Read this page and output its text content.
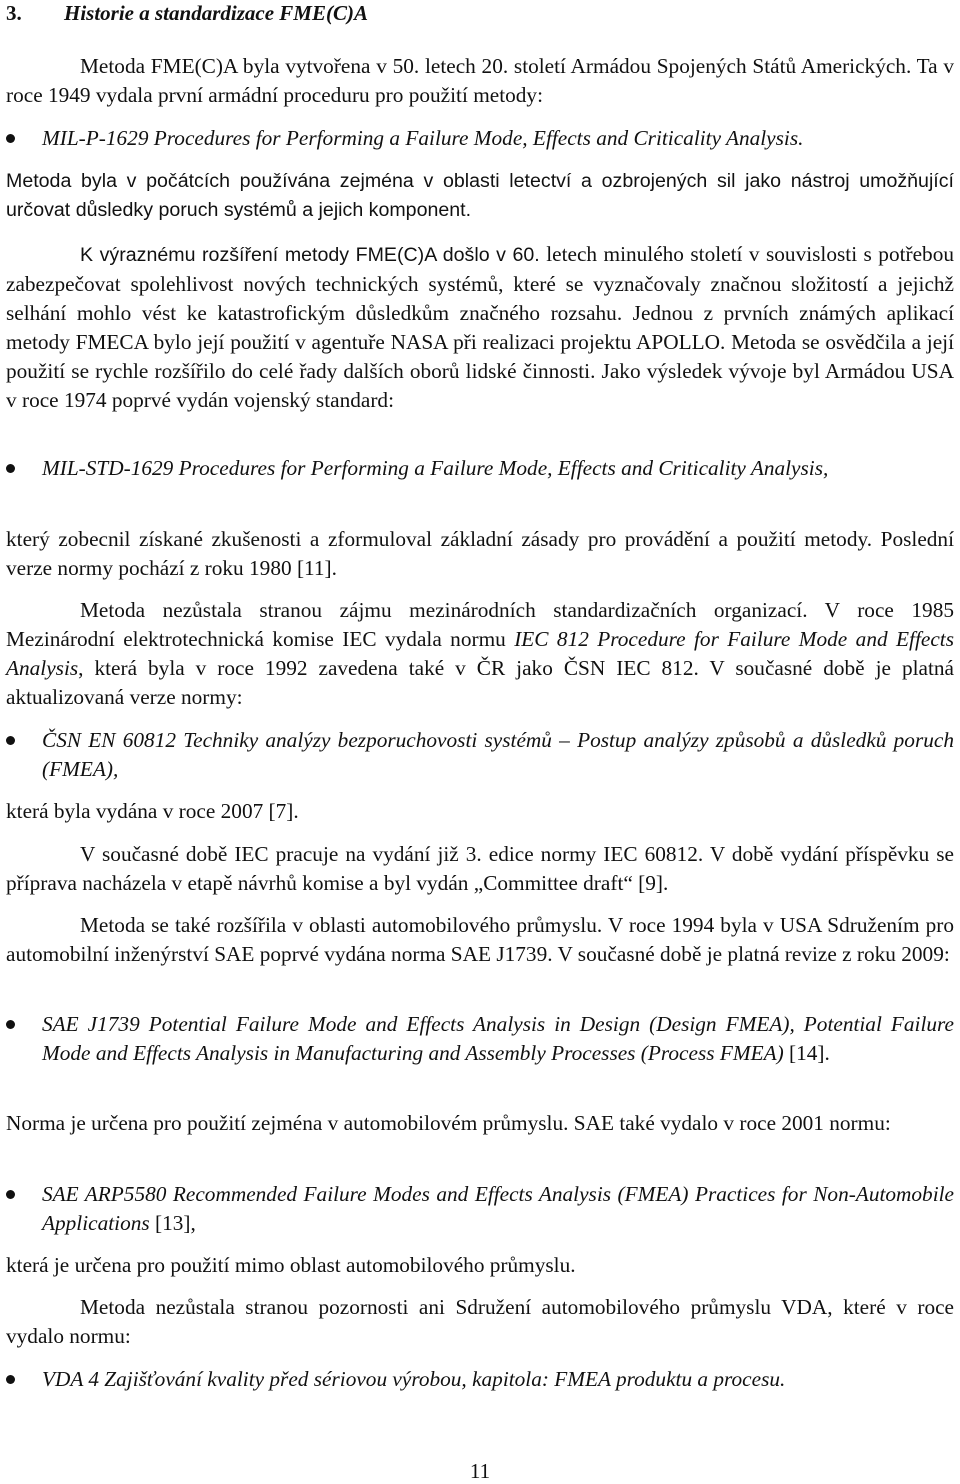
3. Historie a standardizace FME(C)A

Metoda FME(C)A byla vytvořena v 50. letech 20. století Armádou Spojených Států Amerických. Ta v roce 1949 vydala první armádní proceduru pro použití metody:

MIL-P-1629 Procedures for Performing a Failure Mode, Effects and Criticality Analysis.

Metoda byla v počátcích používána zejména v oblasti letectví a ozbrojených sil jako nástroj umožňující určovat důsledky poruch systémů a jejich komponent.

K výraznému rozšíření metody FME(C)A došlo v 60. letech minulého století v souvislosti s potřebou zabezpečovat spolehlivost nových technických systémů, které se vyznačovaly značnou složitostí a jejichž selhání mohlo vést ke katastrofickým důsledkům značného rozsahu. Jednou z prvních známých aplikací metody FMECA bylo její použití v agentuře NASA při realizaci projektu APOLLO. Metoda se osvědčila a její použití se rychle rozšířilo do celé řady dalších oborů lidské činnosti. Jako výsledek vývoje byl Armádou USA v roce 1974 poprvé vydán vojenský standard:

MIL-STD-1629 Procedures for Performing a Failure Mode, Effects and Criticality Analysis,

který zobecnil získané zkušenosti a zformuloval základní zásady pro provádění a použití metody. Poslední verze normy pochází z roku 1980 [11].

Metoda nezůstala stranou zájmu mezinárodních standardizačních organizací. V roce 1985 Mezinárodní elektrotechnická komise IEC vydala normu IEC 812 Procedure for Failure Mode and Effects Analysis, která byla v roce 1992 zavedena také v ČR jako ČSN IEC 812. V současné době je platná aktualizovaná verze normy:

ČSN EN 60812 Techniky analýzy bezporuchovosti systémů – Postup analýzy způsobů a důsledků poruch (FMEA),

která byla vydána v roce 2007 [7].

V současné době IEC pracuje na vydání již 3. edice normy IEC 60812. V době vydání příspěvku se příprava nacházela v etapě návrhů komise a byl vydán „Committee draft“ [9].

Metoda se také rozšířila v oblasti automobilového průmyslu. V roce 1994 byla v USA Sdružením pro automobilní inženýrství SAE poprvé vydána norma SAE J1739. V současné době je platná revize z roku 2009:

SAE J1739 Potential Failure Mode and Effects Analysis in Design (Design FMEA), Potential Failure Mode and Effects Analysis in Manufacturing and Assembly Processes (Process FMEA) [14].

Norma je určena pro použití zejména v automobilovém průmyslu. SAE také vydalo v roce 2001 normu:

SAE ARP5580 Recommended Failure Modes and Effects Analysis (FMEA) Practices for Non-Automobile Applications [13],

která je určena pro použití mimo oblast automobilového průmyslu.

Metoda nezůstala stranou pozornosti ani Sdružení automobilového průmyslu VDA, které v roce vydalo normu:

VDA 4 Zajišťování kvality před sériovou výrobou, kapitola: FMEA produktu a procesu.
11
